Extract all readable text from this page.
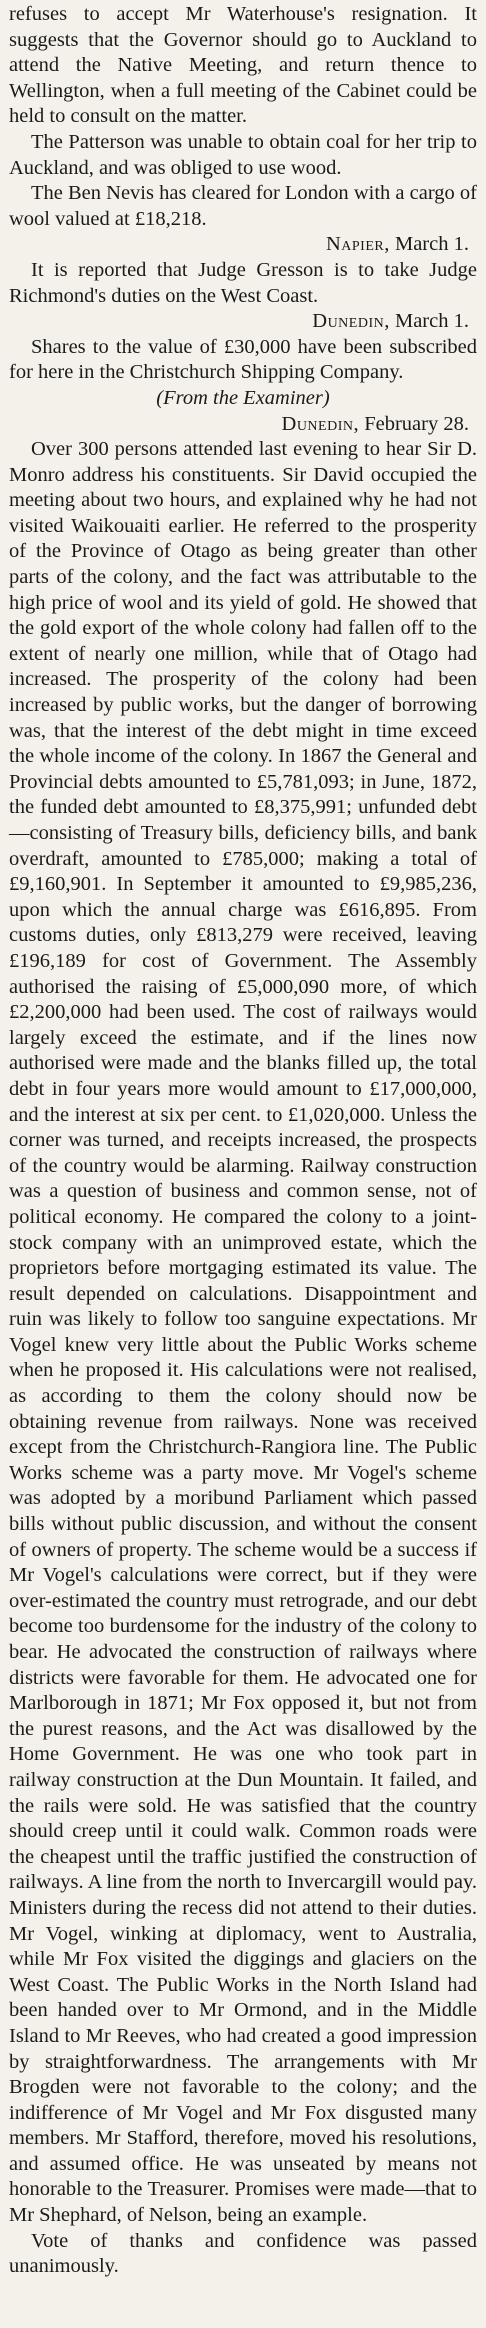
refuses to accept Mr Waterhouse's resignation. It suggests that the Governor should go to Auckland to attend the Native Meeting, and return thence to Wellington, when a full meeting of the Cabinet could be held to consult on the matter.

The Patterson was unable to obtain coal for her trip to Auckland, and was obliged to use wood.

The Ben Nevis has cleared for London with a cargo of wool valued at £18,218.

Napier, March 1.

It is reported that Judge Gresson is to take Judge Richmond's duties on the West Coast.

Dunedin, March 1.

Shares to the value of £30,000 have been subscribed for here in the Christchurch Shipping Company.

(From the Examiner)

Dunedin, February 28.

Over 300 persons attended last evening to hear Sir D. Monro address his constituents. Sir David occupied the meeting about two hours, and explained why he had not visited Waikouaiti earlier. He referred to the prosperity of the Province of Otago as being greater than other parts of the colony, and the fact was attributable to the high price of wool and its yield of gold. He showed that the gold export of the whole colony had fallen off to the extent of nearly one million, while that of Otago had increased. The prosperity of the colony had been increased by public works, but the danger of borrowing was, that the interest of the debt might in time exceed the whole income of the colony. In 1867 the General and Provincial debts amounted to £5,781,093; in June, 1872, the funded debt amounted to £8,375,991; unfunded debt—consisting of Treasury bills, deficiency bills, and bank overdraft, amounted to £785,000; making a total of £9,160,901. In September it amounted to £9,985,236, upon which the annual charge was £616,895. From customs duties, only £813,279 were received, leaving £196,189 for cost of Government. The Assembly authorised the raising of £5,000,090 more, of which £2,200,000 had been used. The cost of railways would largely exceed the estimate, and if the lines now authorised were made and the blanks filled up, the total debt in four years more would amount to £17,000,000, and the interest at six per cent. to £1,020,000. Unless the corner was turned, and receipts increased, the prospects of the country would be alarming. Railway construction was a question of business and common sense, not of political economy. He compared the colony to a joint-stock company with an unimproved estate, which the proprietors before mortgaging estimated its value. The result depended on calculations. Disappointment and ruin was likely to follow too sanguine expectations. Mr Vogel knew very little about the Public Works scheme when he proposed it. His calculations were not realised, as according to them the colony should now be obtaining revenue from railways. None was received except from the Christchurch-Rangiora line. The Public Works scheme was a party move. Mr Vogel's scheme was adopted by a moribund Parliament which passed bills without public discussion, and without the consent of owners of property. The scheme would be a success if Mr Vogel's calculations were correct, but if they were over-estimated the country must retrograde, and our debt become too burdensome for the industry of the colony to bear. He advocated the construction of railways where districts were favorable for them. He advocated one for Marlborough in 1871; Mr Fox opposed it, but not from the purest reasons, and the Act was disallowed by the Home Government. He was one who took part in railway construction at the Dun Mountain. It failed, and the rails were sold. He was satisfied that the country should creep until it could walk. Common roads were the cheapest until the traffic justified the construction of railways. A line from the north to Invercargill would pay. Ministers during the recess did not attend to their duties. Mr Vogel, winking at diplomacy, went to Australia, while Mr Fox visited the diggings and glaciers on the West Coast. The Public Works in the North Island had been handed over to Mr Ormond, and in the Middle Island to Mr Reeves, who had created a good impression by straightforwardness. The arrangements with Mr Brogden were not favorable to the colony; and the indifference of Mr Vogel and Mr Fox disgusted many members. Mr Stafford, therefore, moved his resolutions, and assumed office. He was unseated by means not honorable to the Treasurer. Promises were made—that to Mr Shephard, of Nelson, being an example.

Vote of thanks and confidence was passed unanimously.
